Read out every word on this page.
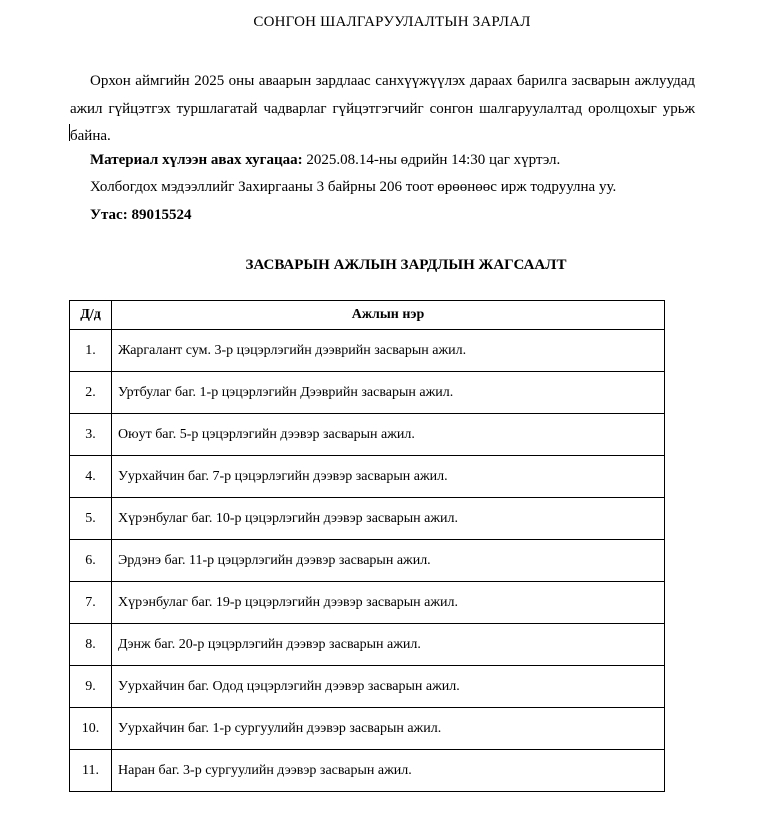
СОНГОН ШАЛГАРУУЛАЛТЫН ЗАРЛАЛ

Орхон аймгийн 2025 оны аваарын зардлаас санхүүжүүлэх дараах барилга засварын ажлуудад ажил гүйцэтгэх туршлагатай чадварлаг гүйцэтгэгчийг сонгон шалгаруулалтад оролцохыг урьж байна.

Материал хүлээн авах хугацаа: 2025.08.14-ны өдрийн 14:30 цаг хүртэл.
Холбогдох мэдээллийг Захиргааны 3 байрны 206 тоот өрөөнөөс ирж тодруулна уу.
Утас: 89015524
ЗАСВАРЫН АЖЛЫН ЗАРДЛЫН ЖАГСААЛТ
Д/д	Ажлын нэр
1.	Жаргалант сум. 3-р цэцэрлэгийн дээврийн засварын ажил.
2.	Уртбулаг баг. 1-р цэцэрлэгийн Дээврийн засварын ажил.
3.	Оюут баг. 5-р цэцэрлэгийн дээвэр засварын ажил.
4.	Уурхайчин баг. 7-р цэцэрлэгийн дээвэр засварын ажил.
5.	Хүрэнбулаг баг. 10-р цэцэрлэгийн дээвэр засварын ажил.
6.	Эрдэнэ баг. 11-р цэцэрлэгийн дээвэр засварын ажил.
7.	Хүрэнбулаг баг. 19-р цэцэрлэгийн дээвэр засварын ажил.
8.	Дэнж баг. 20-р цэцэрлэгийн дээвэр засварын ажил.
9.	Уурхайчин баг. Одод цэцэрлэгийн дээвэр засварын ажил.
10.	Уурхайчин баг. 1-р сургуулийн дээвэр засварын ажил.
11.	Наран баг. 3-р сургуулийн дээвэр засварын ажил.
